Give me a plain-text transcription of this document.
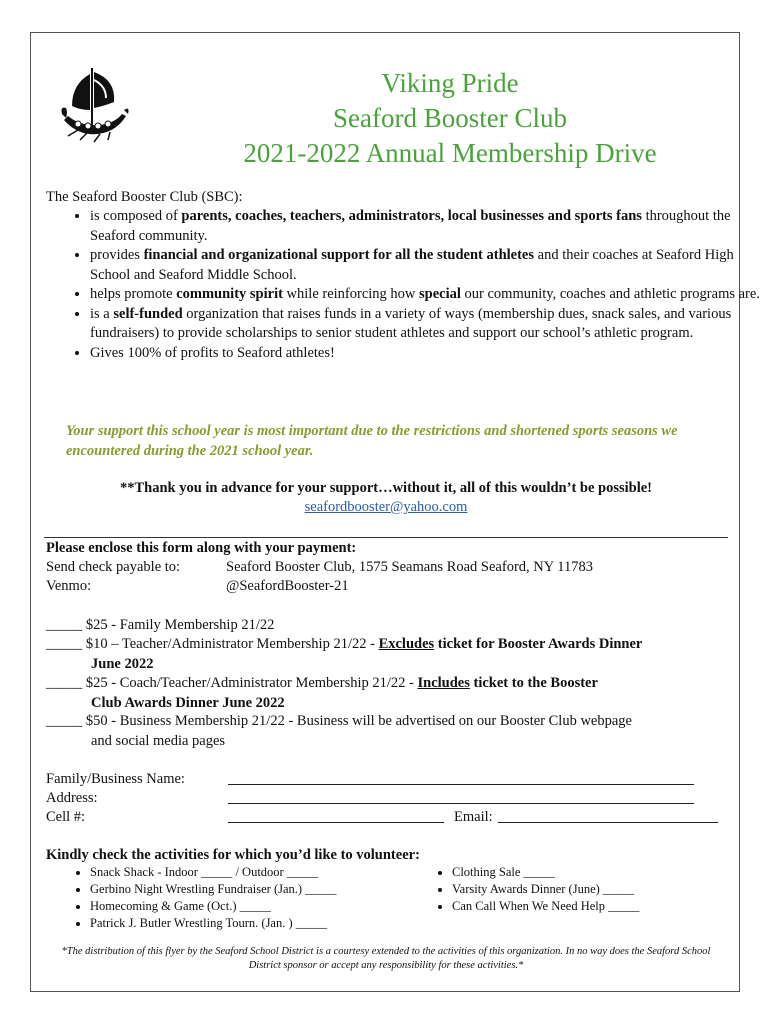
Viking Pride
Seaford Booster Club
2021-2022 Annual Membership Drive
The Seaford Booster Club (SBC):
• is composed of parents, coaches, teachers, administrators, local businesses and sports fans throughout the Seaford community.
• provides financial and organizational support for all the student athletes and their coaches at Seaford High School and Seaford Middle School.
• helps promote community spirit while reinforcing how special our community, coaches and athletic programs are.
• is a self-funded organization that raises funds in a variety of ways (membership dues, snack sales, and various fundraisers) to provide scholarships to senior student athletes and support our school’s athletic program.
• Gives 100% of profits to Seaford athletes!
Your support this school year is most important due to the restrictions and shortened sports seasons we encountered during the 2021 school year.
**Thank you in advance for your support…without it, all of this wouldn’t be possible!
seafordbooster@yahoo.com
Please enclose this form along with your payment:
Send check payable to:	Seaford Booster Club, 1575 Seamans Road Seaford, NY 11783
Venmo:	@SeafordBooster-21
_____ $25 - Family Membership 21/22
_____ $10 – Teacher/Administrator Membership 21/22 - Excludes ticket for Booster Awards Dinner
June 2022
_____ $25 - Coach/Teacher/Administrator Membership 21/22 - Includes ticket to the Booster
Club Awards Dinner June 2022
_____ $50 - Business Membership 21/22 - Business will be advertised on our Booster Club webpage
and social media pages
Family/Business Name:
Address:
Cell #:	Email:
Kindly check the activities for which you’d like to volunteer:
• Snack Shack - Indoor _____ / Outdoor _____
• Gerbino Night Wrestling Fundraiser (Jan.) _____
• Homecoming & Game (Oct.) _____
• Patrick J. Butler Wrestling Tourn. (Jan. ) _____
• Clothing Sale _____
• Varsity Awards Dinner (June) _____
• Can Call When We Need Help _____
*The distribution of this flyer by the Seaford School District is a courtesy extended to the activities of this organization. In no way does the Seaford School District sponsor or accept any responsibility for these activities.*
